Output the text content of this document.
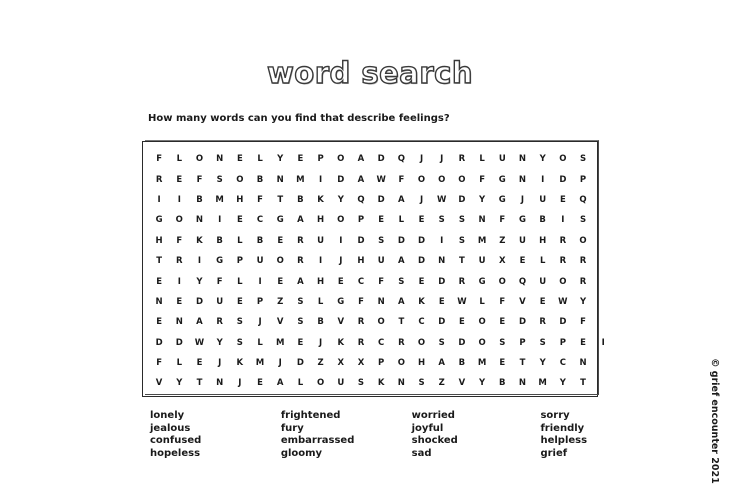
word search
How many words can you find that describe feelings?
F	L	O	N	E	L	Y	E	P	O	A	D	Q	J	J	R	L	U	N	Y	O	S
R	E	F	S	O	B	N	M	I	D	A	W	F	O	O	O	F	G	N	I	D	P
I	I	B	M	H	F	T	B	K	Y	Q	D	A	J	W	D	Y	G	J	U	E	Q
G	O	N	I	E	C	G	A	H	O	P	E	L	E	S	S	N	F	G	B	I	S
H	F	K	B	L	B	E	R	U	I	D	S	D	D	I	S	M	Z	U	H	R	O
T	R	I	G	P	U	O	R	I	J	H	U	A	D	N	T	U	X	E	L	R	R
E	I	Y	F	L	I	E	A	H	E	C	F	S	E	D	R	G	O	Q	U	O	R
N	E	D	U	E	P	Z	S	L	G	F	N	A	K	E	W	L	F	V	E	W	Y
E	N	A	R	S	J	V	S	B	V	R	O	T	C	D	E	O	E	D	R	D	F
D	D	W	Y	S	L	M	E	J	K	R	C	R	O	S	D	O	S	P	S	P	E	I
F	L	E	J	K	M	J	D	Z	X	X	P	O	H	A	B	M	E	T	Y	C	N
V	Y	T	N	J	E	A	L	O	U	S	K	N	S	Z	V	Y	B	N	M	Y	T
lonely
jealous
confused
hopeless
frightened
fury
embarrassed
gloomy
worried
joyful
shocked
sad
sorry
friendly
helpless
grief	© grief encounter 2021
